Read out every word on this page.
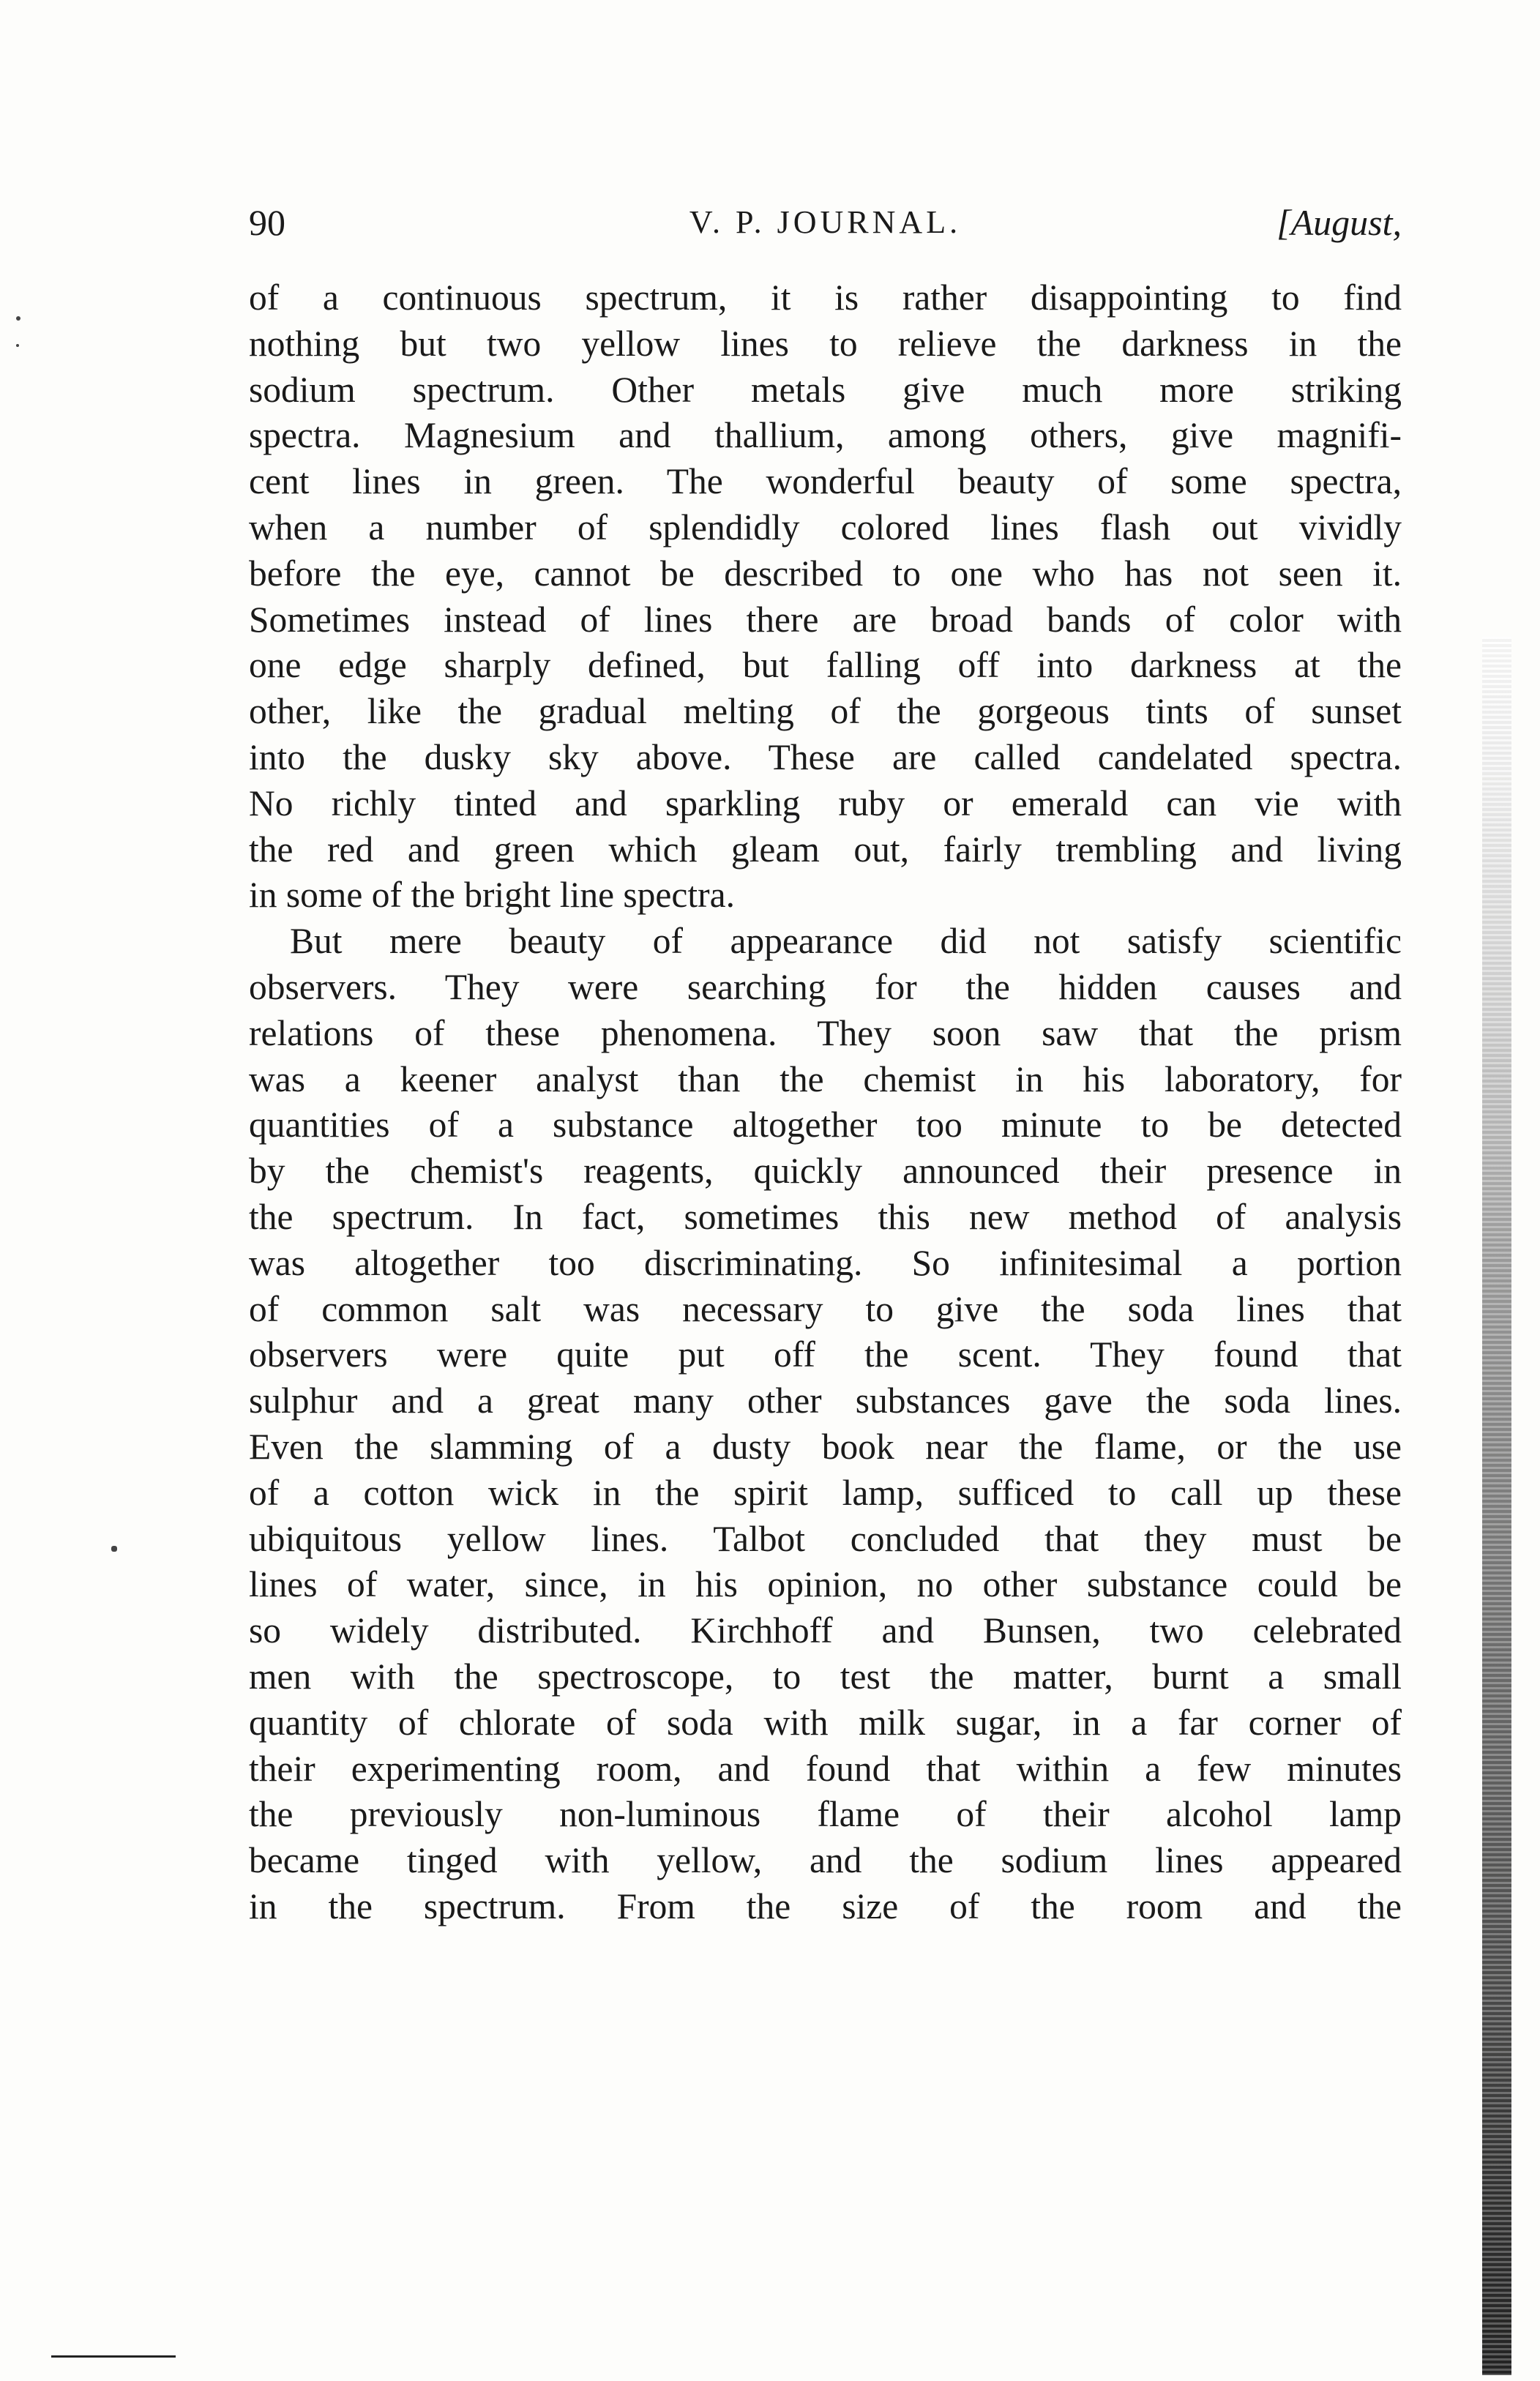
90	V. P. JOURNAL.	[August,
of a continuous spectrum, it is rather disappointing to find
nothing but two yellow lines to relieve the darkness in the
sodium spectrum. Other metals give much more striking
spectra. Magnesium and thallium, among others, give magnifi-
cent lines in green. The wonderful beauty of some spectra,
when a number of splendidly colored lines flash out vividly
before the eye, cannot be described to one who has not seen it.
Sometimes instead of lines there are broad bands of color with
one edge sharply defined, but falling off into darkness at the
other, like the gradual melting of the gorgeous tints of sunset
into the dusky sky above. These are called candelated spectra.
No richly tinted and sparkling ruby or emerald can vie with
the red and green which gleam out, fairly trembling and living
in some of the bright line spectra.
But mere beauty of appearance did not satisfy scientific
observers. They were searching for the hidden causes and
relations of these phenomena. They soon saw that the prism
was a keener analyst than the chemist in his laboratory, for
quantities of a substance altogether too minute to be detected
by the chemist's reagents, quickly announced their presence in
the spectrum. In fact, sometimes this new method of analysis
was altogether too discriminating. So infinitesimal a portion
of common salt was necessary to give the soda lines that
observers were quite put off the scent. They found that
sulphur and a great many other substances gave the soda lines.
Even the slamming of a dusty book near the flame, or the use
of a cotton wick in the spirit lamp, sufficed to call up these
ubiquitous yellow lines. Talbot concluded that they must be
lines of water, since, in his opinion, no other substance could be
so widely distributed. Kirchhoff and Bunsen, two celebrated
men with the spectroscope, to test the matter, burnt a small
quantity of chlorate of soda with milk sugar, in a far corner of
their experimenting room, and found that within a few minutes
the previously non-luminous flame of their alcohol lamp
became tinged with yellow, and the sodium lines appeared
in the spectrum. From the size of the room and the
